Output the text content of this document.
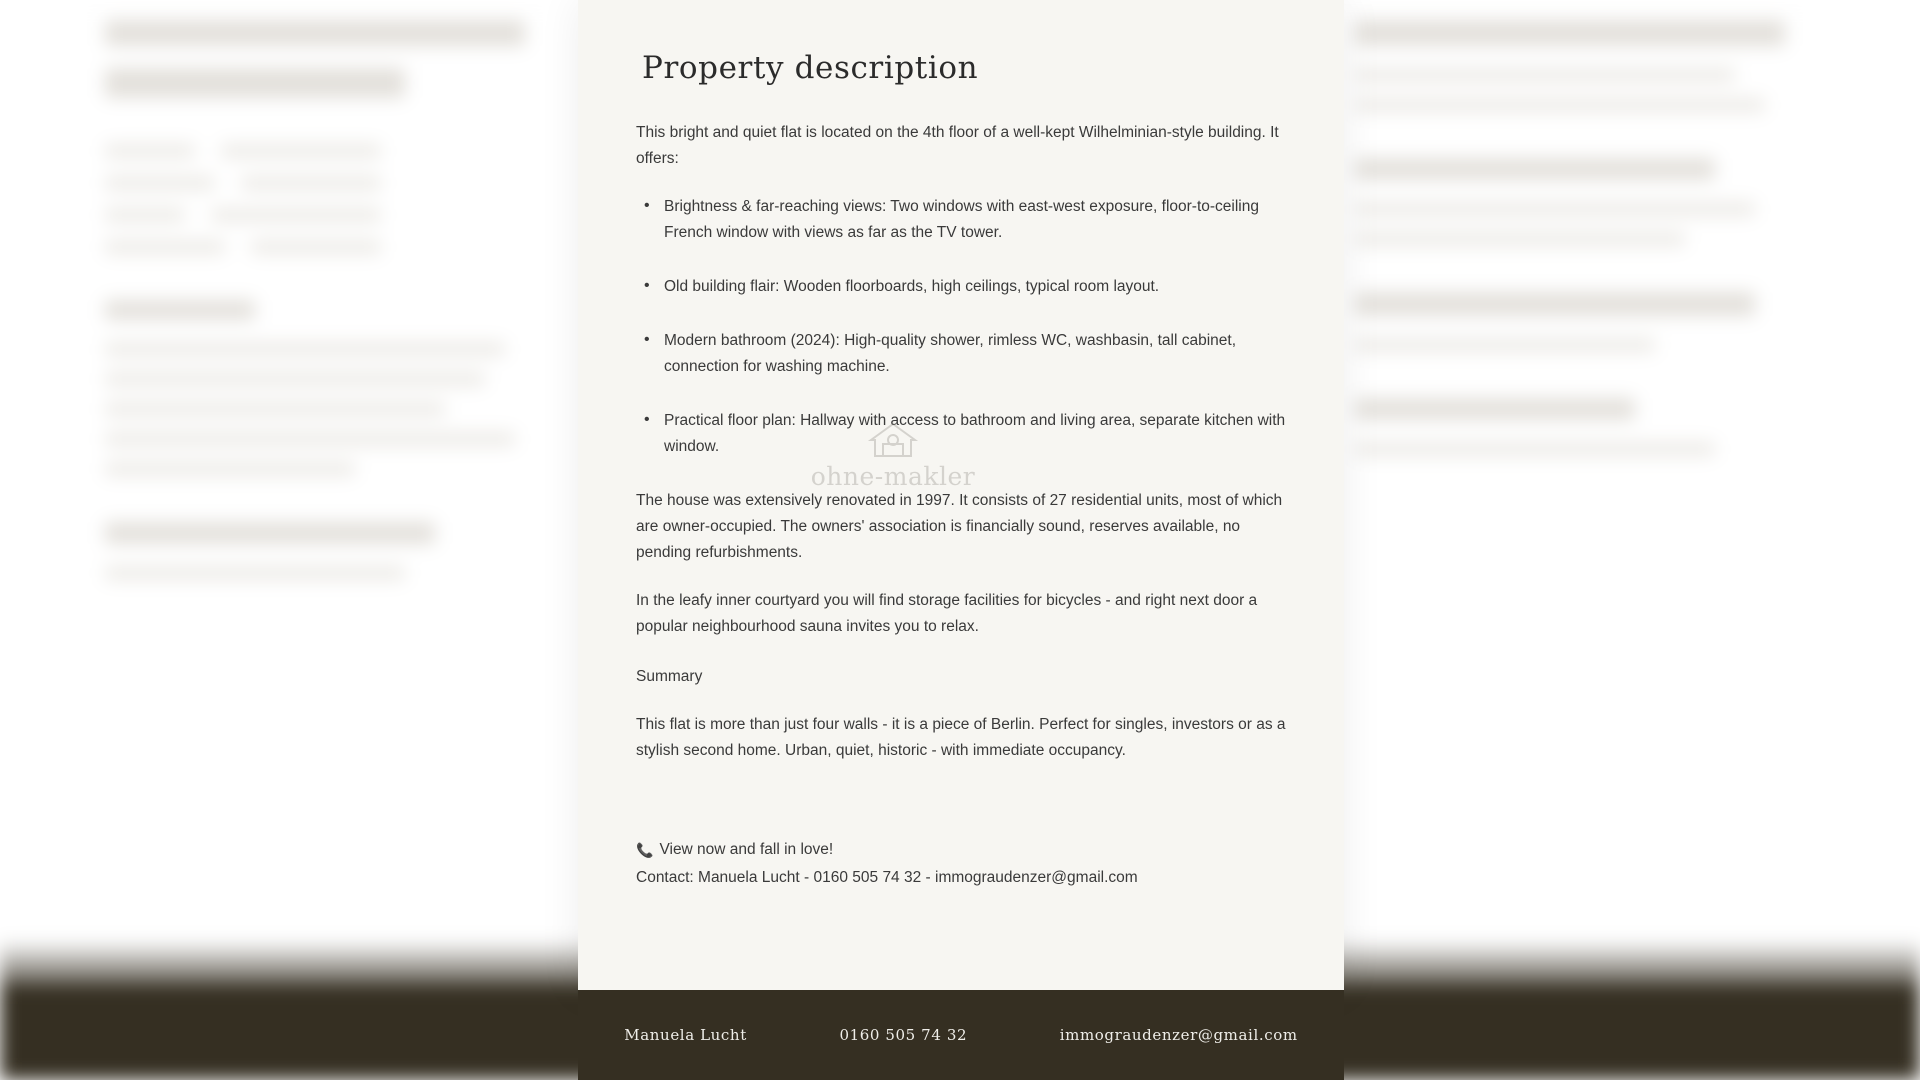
Property description

This bright and quiet flat is located on the 4th floor of a well-kept Wilhelminian-style building. It offers:

• Brightness & far-reaching views: Two windows with east-west exposure, floor-to-ceiling French window with views as far as the TV tower.
• Old building flair: Wooden floorboards, high ceilings, typical room layout.
• Modern bathroom (2024): High-quality shower, rimless WC, washbasin, tall cabinet, connection for washing machine.
• Practical floor plan: Hallway with access to bathroom and living area, separate kitchen with window.

The house was extensively renovated in 1997. It consists of 27 residential units, most of which are owner-occupied. The owners' association is financially sound, reserves available, no pending refurbishments.

In the leafy inner courtyard you will find storage facilities for bicycles - and right next door a popular neighbourhood sauna invites you to relax.

Summary

This flat is more than just four walls - it is a piece of Berlin. Perfect for singles, investors or as a stylish second home. Urban, quiet, historic - with immediate occupancy.

📞 View now and fall in love!
Contact: Manuela Lucht - 0160 505 74 32 - immograudenzer@gmail.com
ohne-makler
Manuela Lucht	0160 505 74 32	immograudenzer@gmail.com
